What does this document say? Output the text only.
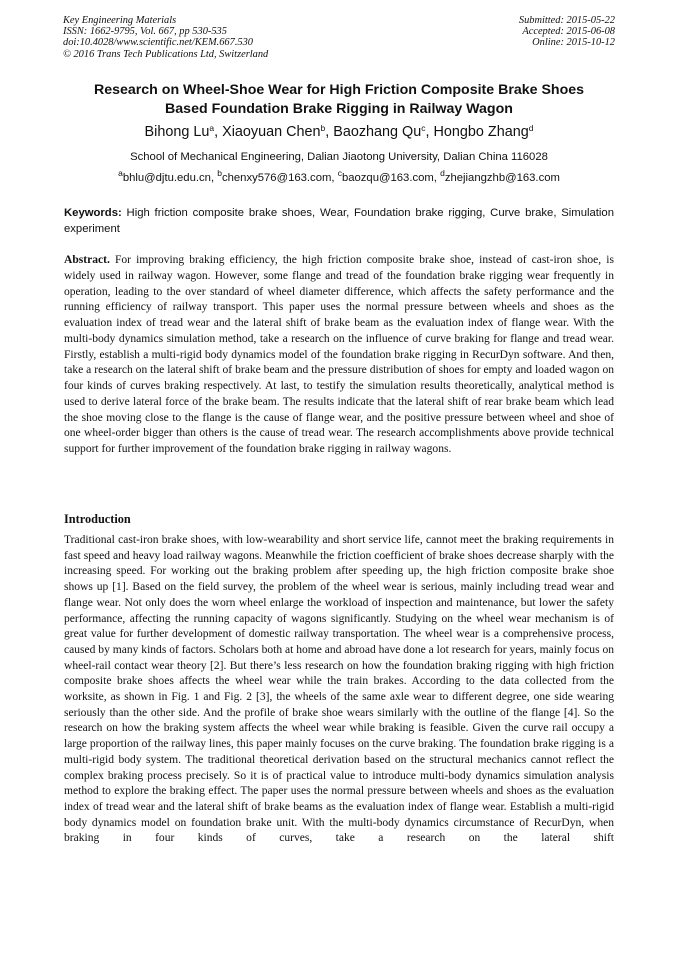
Key Engineering Materials
ISSN: 1662-9795, Vol. 667, pp 530-535
doi:10.4028/www.scientific.net/KEM.667.530
© 2016 Trans Tech Publications Ltd, Switzerland
Submitted: 2015-05-22
Accepted: 2015-06-08
Online: 2015-10-12
Research on Wheel-Shoe Wear for High Friction Composite Brake Shoes
Based Foundation Brake Rigging in Railway Wagon
Bihong Lu$^a$, Xiaoyuan Chen$^b$, Baozhang Qu$^c$, Hongbo Zhang$^d$
School of Mechanical Engineering, Dalian Jiaotong University, Dalian China 116028
$^a$bhlu@djtu.edu.cn, $^b$chenxy576@163.com, $^c$baozqu@163.com, $^d$zhejiangzhb@163.com
Keywords: High friction composite brake shoes, Wear, Foundation brake rigging, Curve brake, Simulation experiment
Abstract. For improving braking efficiency, the high friction composite brake shoe, instead of cast-iron shoe, is widely used in railway wagon. However, some flange and tread of the foundation brake rigging wear frequently in operation, leading to the over standard of wheel diameter difference, which affects the safety performance and the running efficiency of railway transport. This paper uses the normal pressure between wheels and shoes as the evaluation index of tread wear and the lateral shift of brake beam as the evaluation index of flange wear. With the multi-body dynamics simulation method, take a research on the influence of curve braking for flange and tread wear. Firstly, establish a multi-rigid body dynamics model of the foundation brake rigging in RecurDyn software. And then, take a research on the lateral shift of brake beam and the pressure distribution of shoes for empty and loaded wagon on four kinds of curves braking respectively. At last, to testify the simulation results theoretically, analytical method is used to derive lateral force of the brake beam. The results indicate that the lateral shift of rear brake beam which lead the shoe moving close to the flange is the cause of flange wear, and the positive pressure between wheel and shoe of one wheel-order bigger than others is the cause of tread wear. The research accomplishments above provide technical support for further improvement of the foundation brake rigging in railway wagons.
Introduction
Traditional cast-iron brake shoes, with low-wearability and short service life, cannot meet the braking requirements in fast speed and heavy load railway wagons. Meanwhile the friction coefficient of brake shoes decrease sharply with the increasing speed. For working out the braking problem after speeding up, the high friction composite brake shoe shows up [1]. Based on the field survey, the problem of the wheel wear is serious, mainly including tread wear and flange wear. Not only does the worn wheel enlarge the workload of inspection and maintenance, but lower the safety performance, affecting the running capacity of wagons significantly. Studying on the wheel wear mechanism is of great value for further development of domestic railway transportation. The wheel wear is a comprehensive process, caused by many kinds of factors. Scholars both at home and abroad have done a lot research for years, mainly focus on wheel-rail contact wear theory [2]. But there’s less research on how the foundation braking rigging with high friction composite brake shoes affects the wheel wear while the train brakes. According to the data collected from the worksite, as shown in Fig. 1 and Fig. 2 [3], the wheels of the same axle wear to different degree, one side wearing seriously than the other side. And the profile of brake shoe wears similarly with the outline of the flange [4]. So the research on how the braking system affects the wheel wear while braking is feasible. Given the curve rail occupy a large proportion of the railway lines, this paper mainly focuses on the curve braking. The foundation brake rigging is a multi-rigid body system. The traditional theoretical derivation based on the structural mechanics cannot reflect the complex braking process precisely. So it is of practical value to introduce multi-body dynamics simulation analysis method to explore the braking effect. The paper uses the normal pressure between wheels and shoes as the evaluation index of tread wear and the lateral shift of brake beams as the evaluation index of flange wear. Establish a multi-rigid body dynamics model on foundation brake unit. With the multi-body dynamics circumstance of RecurDyn, when braking in four kinds of curves, take a research on the lateral shift
